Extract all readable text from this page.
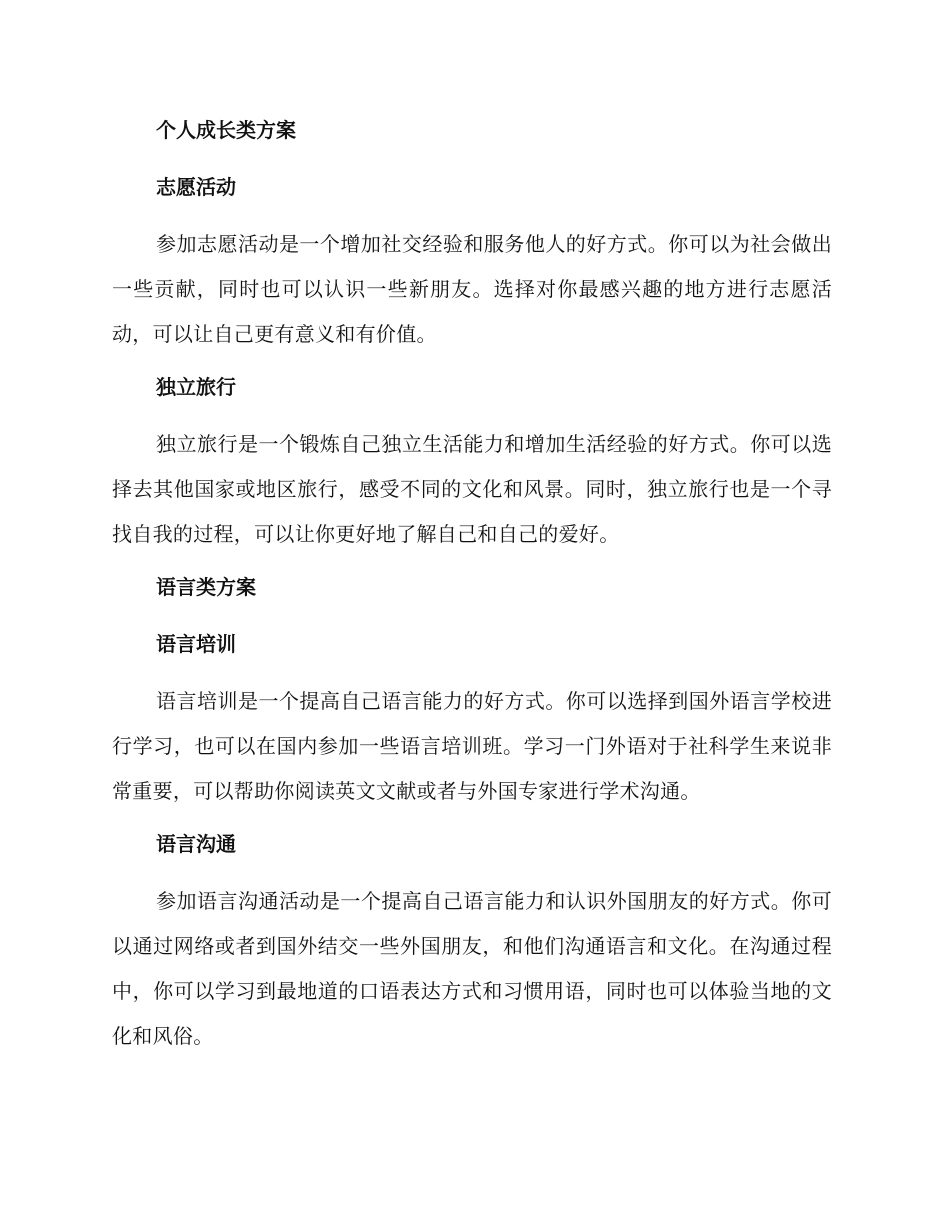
个人成长类方案
志愿活动

参加志愿活动是一个增加社交经验和服务他人的好方式。你可以为社会做出一些贡献，同时也可以认识一些新朋友。选择对你最感兴趣的地方进行志愿活动，可以让自己更有意义和有价值。

独立旅行

独立旅行是一个锻炼自己独立生活能力和增加生活经验的好方式。你可以选择去其他国家或地区旅行，感受不同的文化和风景。同时，独立旅行也是一个寻找自我的过程，可以让你更好地了解自己和自己的爱好。

语言类方案
语言培训

语言培训是一个提高自己语言能力的好方式。你可以选择到国外语言学校进行学习，也可以在国内参加一些语言培训班。学习一门外语对于社科学生来说非常重要，可以帮助你阅读英文文献或者与外国专家进行学术沟通。

语言沟通

参加语言沟通活动是一个提高自己语言能力和认识外国朋友的好方式。你可以通过网络或者到国外结交一些外国朋友，和他们沟通语言和文化。在沟通过程中，你可以学习到最地道的口语表达方式和习惯用语，同时也可以体验当地的文化和风俗。
